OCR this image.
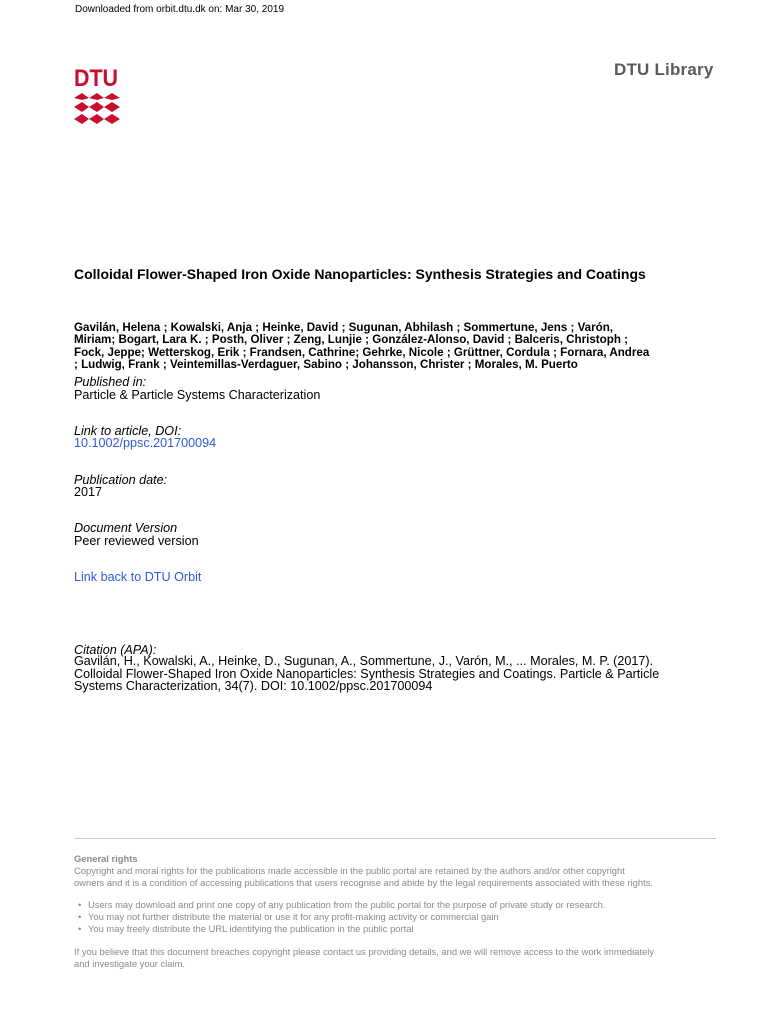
Downloaded from orbit.dtu.dk on: Mar 30, 2019
DTU	DTU Library
Colloidal Flower-Shaped Iron Oxide Nanoparticles: Synthesis Strategies and Coatings
Gavilán, Helena ; Kowalski, Anja ; Heinke, David ; Sugunan, Abhilash ; Sommertune, Jens ; Varón,
Miriam; Bogart, Lara K. ; Posth, Oliver ; Zeng, Lunjie ; González-Alonso, David ; Balceris, Christoph ;
Fock, Jeppe; Wetterskog, Erik ; Frandsen, Cathrine; Gehrke, Nicole ; Grüttner, Cordula ; Fornara, Andrea
; Ludwig, Frank ; Veintemillas-Verdaguer, Sabino ; Johansson, Christer ; Morales, M. Puerto
Published in:
Particle & Particle Systems Characterization
Link to article, DOI:
10.1002/ppsc.201700094
Publication date:
2017
Document Version
Peer reviewed version
Link back to DTU Orbit
Citation (APA):
Gavilán, H., Kowalski, A., Heinke, D., Sugunan, A., Sommertune, J., Varón, M., ... Morales, M. P. (2017).
Colloidal Flower-Shaped Iron Oxide Nanoparticles: Synthesis Strategies and Coatings. Particle & Particle
Systems Characterization, 34(7). DOI: 10.1002/ppsc.201700094
General rights
Copyright and moral rights for the publications made accessible in the public portal are retained by the authors and/or other copyright
owners and it is a condition of accessing publications that users recognise and abide by the legal requirements associated with these rights.
• Users may download and print one copy of any publication from the public portal for the purpose of private study or research.
• You may not further distribute the material or use it for any profit-making activity or commercial gain
• You may freely distribute the URL identifying the publication in the public portal
If you believe that this document breaches copyright please contact us providing details, and we will remove access to the work immediately
and investigate your claim.
